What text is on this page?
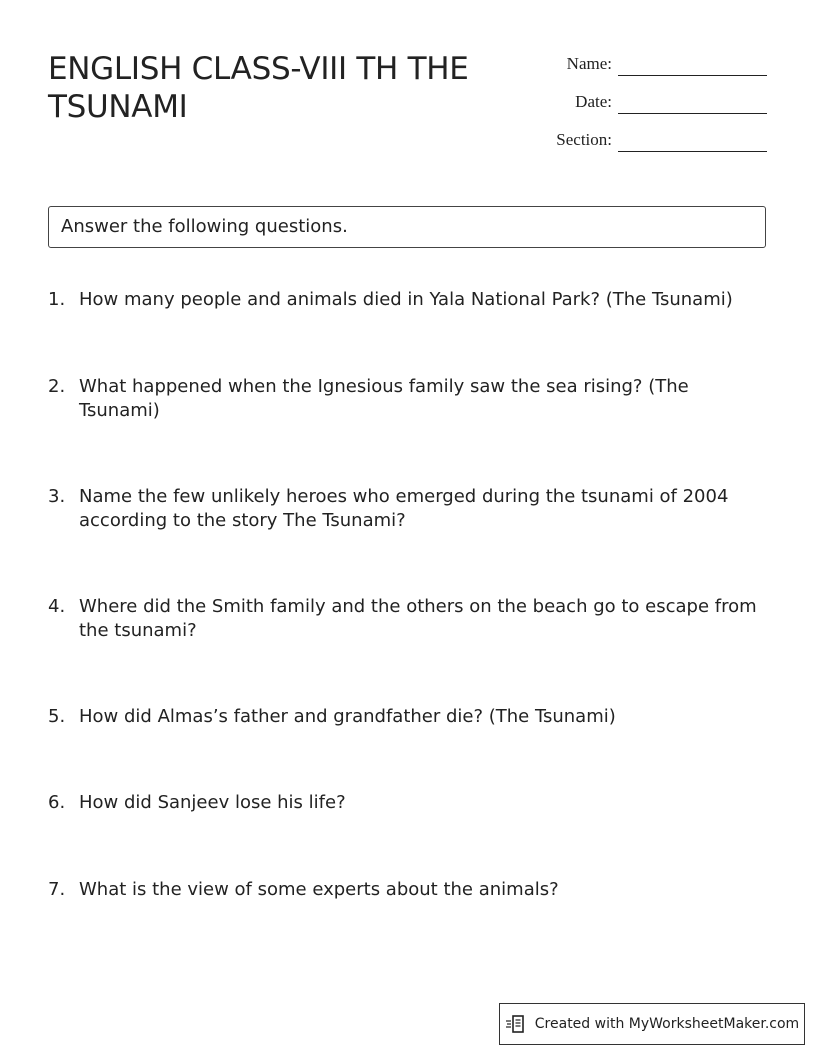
ENGLISH CLASS-VIII TH THE TSUNAMI
Name:
Date:
Section:
Answer the following questions.
1. How many people and animals died in Yala National Park? (The Tsunami)
2. What happened when the Ignesious family saw the sea rising? (The Tsunami)
3. Name the few unlikely heroes who emerged during the tsunami of 2004 according to the story The Tsunami?
4. Where did the Smith family and the others on the beach go to escape from the tsunami?
5. How did Almas’s father and grandfather die? (The Tsunami)
6. How did Sanjeev lose his life?
7. What is the view of some experts about the animals?
Created with MyWorksheetMaker.com
